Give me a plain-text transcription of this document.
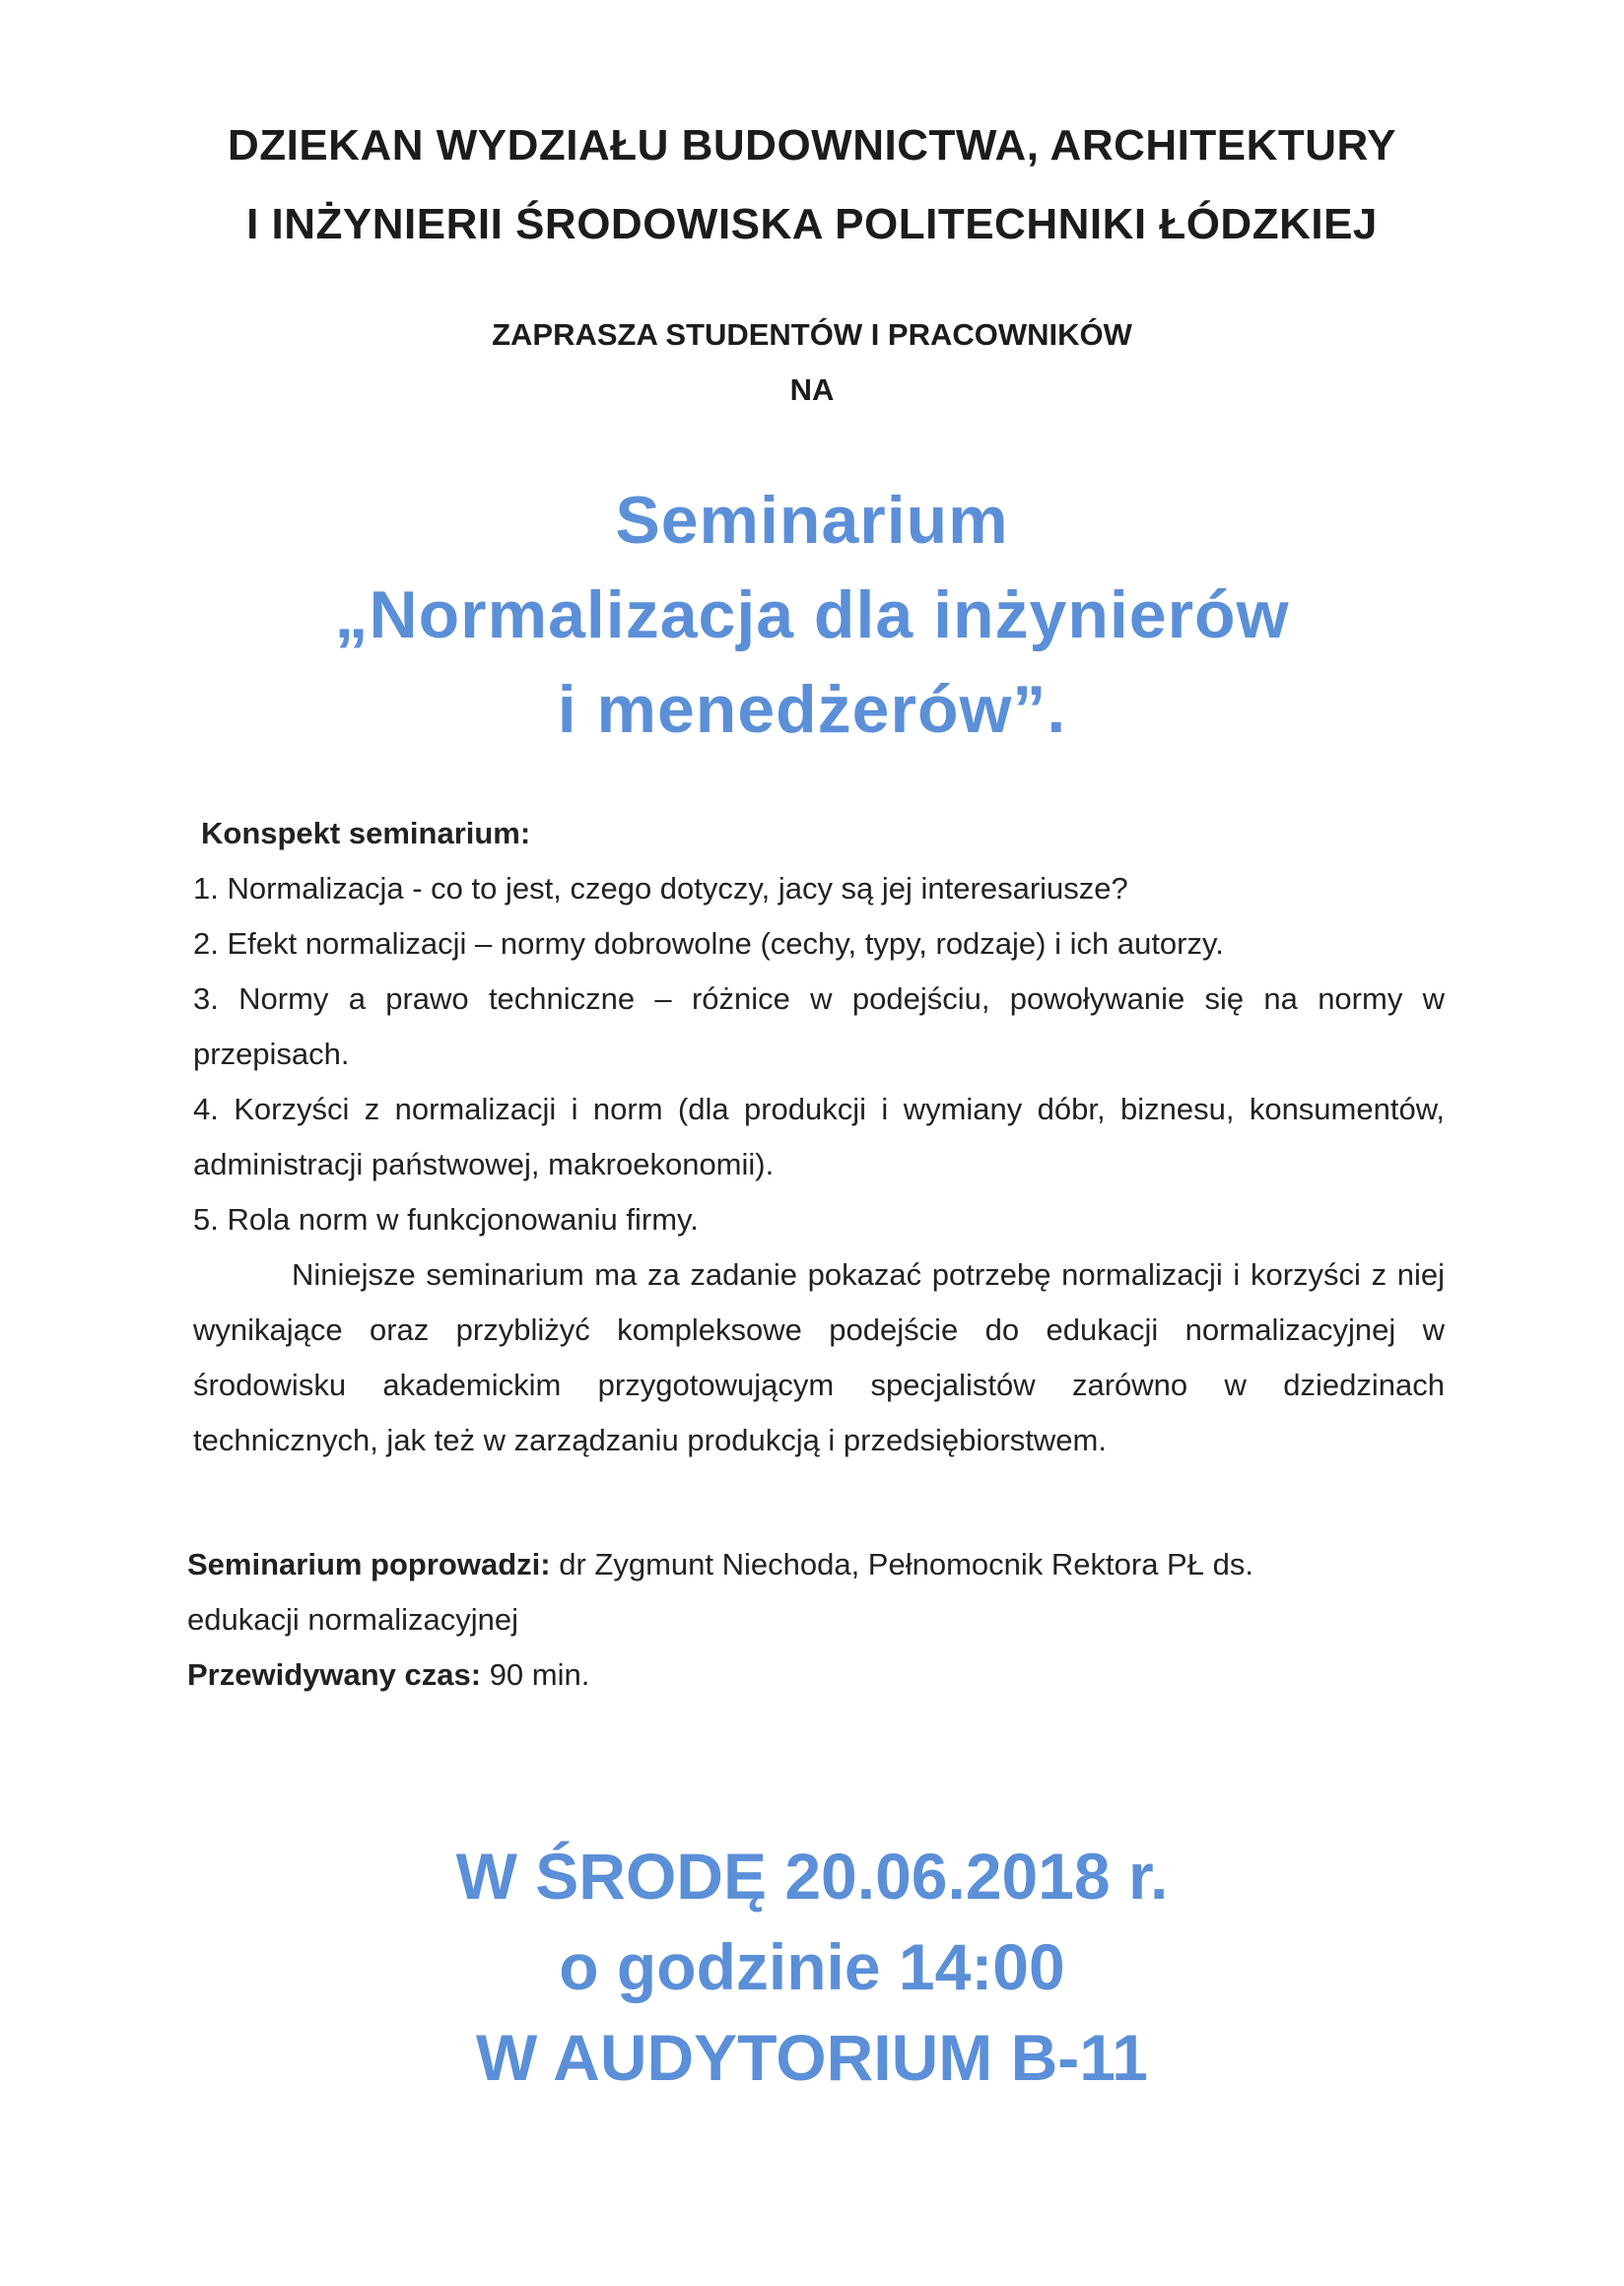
DZIEKAN WYDZIAŁU BUDOWNICTWA, ARCHITEKTURY
I INŻYNIERII ŚRODOWISKA POLITECHNIKI ŁÓDZKIEJ
ZAPRASZA STUDENTÓW I PRACOWNIKÓW
NA
Seminarium
„Normalizacja dla inżynierów
i menedżerów”.
Konspekt seminarium:

1. Normalizacja - co to jest, czego dotyczy, jacy są jej interesariusze?

2. Efekt normalizacji – normy dobrowolne (cechy, typy, rodzaje) i ich autorzy.

3. Normy a prawo techniczne – różnice w podejściu, powoływanie się na normy w przepisach.

4. Korzyści z normalizacji i norm (dla produkcji i wymiany dóbr, biznesu, konsumentów, administracji państwowej, makroekonomii).

5. Rola norm w funkcjonowaniu firmy.

Niniejsze seminarium ma za zadanie pokazać potrzebę normalizacji i korzyści z niej wynikające oraz przybliżyć kompleksowe podejście do edukacji normalizacyjnej w środowisku akademickim przygotowującym specjalistów zarówno w dziedzinach technicznych, jak też w zarządzaniu produkcją i przedsiębiorstwem.

Seminarium poprowadzi: dr Zygmunt Niechoda, Pełnomocnik Rektora PŁ ds. edukacji normalizacyjnej
Przewidywany czas: 90 min.
W ŚRODĘ 20.06.2018 r.
o godzinie 14:00
W AUDYTORIUM B-11
